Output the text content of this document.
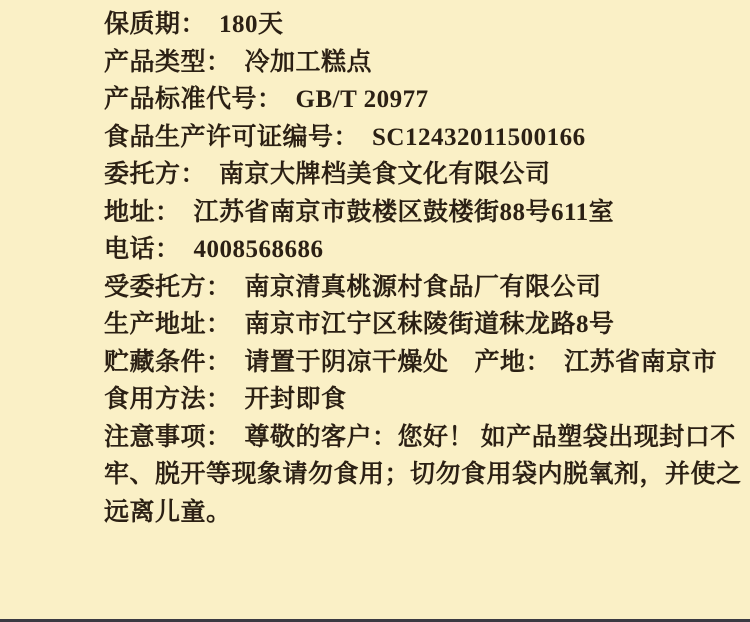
保质期： 180天
产品类型： 冷加工糕点
产品标准代号： GB/T 20977
食品生产许可证编号： SC12432011500166
委托方： 南京大牌档美食文化有限公司
地址： 江苏省南京市鼓楼区鼓楼街88号611室
电话： 4008568686
受委托方： 南京清真桃源村食品厂有限公司
生产地址： 南京市江宁区秣陵街道秣龙路8号
贮藏条件： 请置于阴凉干燥处 产地： 江苏省南京市
食用方法： 开封即食
注意事项： 尊敬的客户：您好！ 如产品塑袋出现封口不
牢、脱开等现象请勿食用；切勿食用袋内脱氧剂，并使之
远离儿童。
